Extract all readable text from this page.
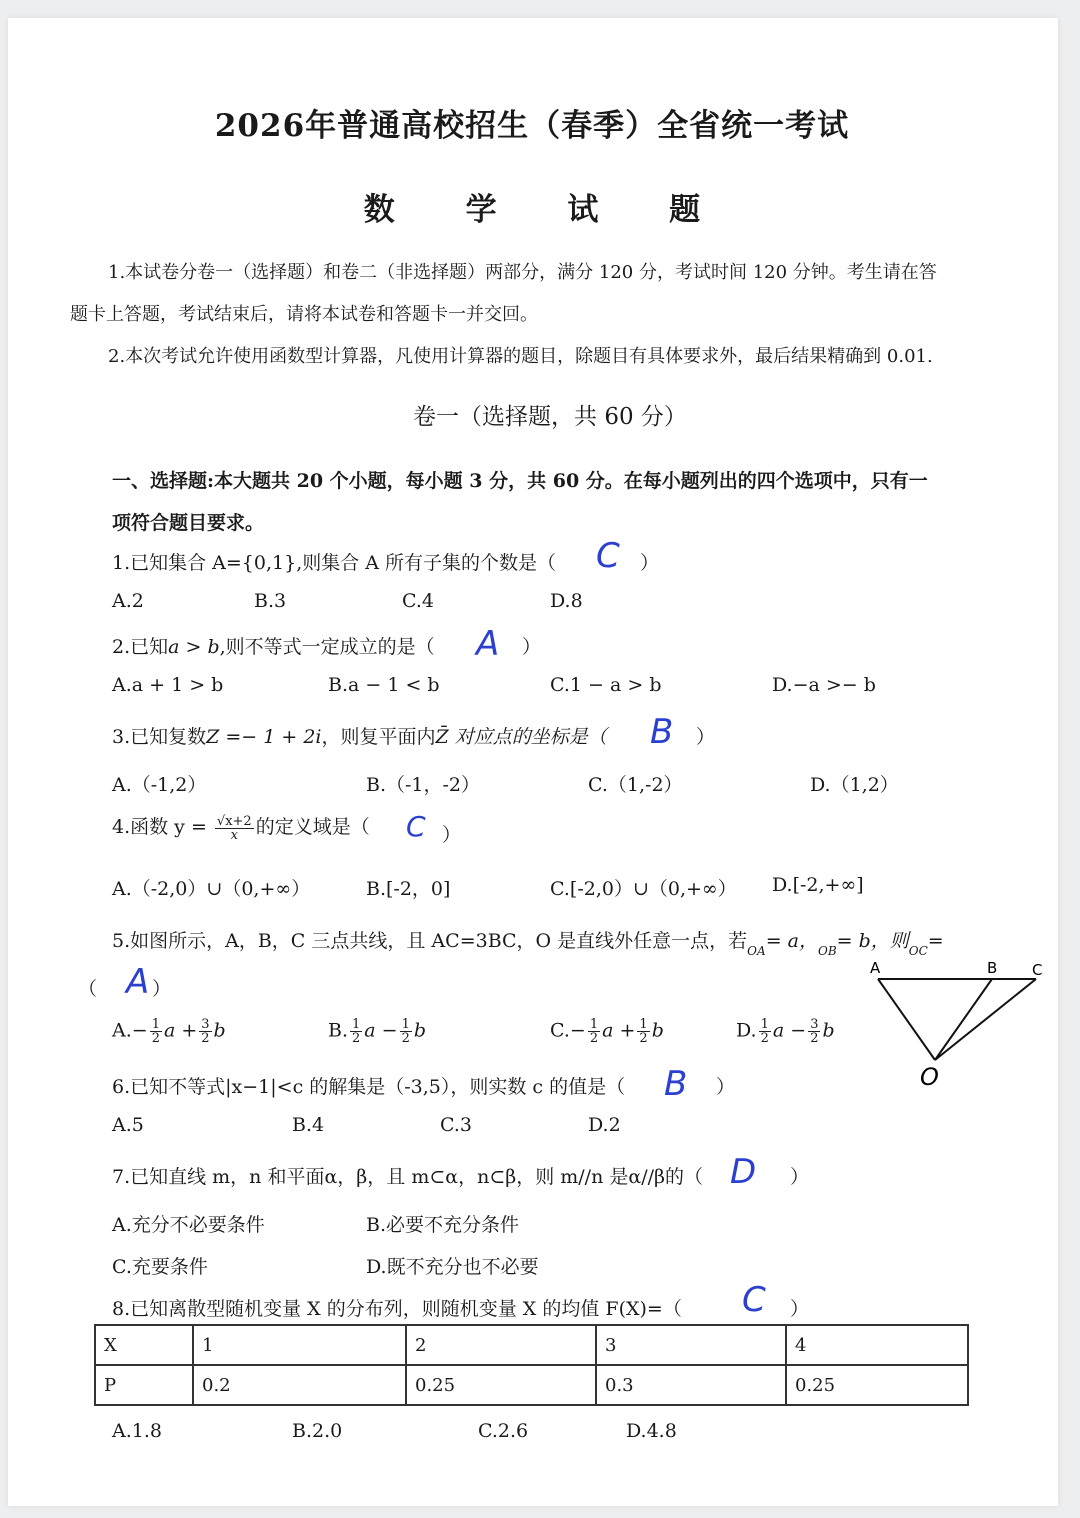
2026年普通高校招生（春季）全省统一考试
数 学 试 题
1.本试卷分卷一（选择题）和卷二（非选择题）两部分，满分 120 分，考试时间 120 分钟。考生请在答
题卡上答题，考试结束后，请将本试卷和答题卡一并交回。
2.本次考试允许使用函数型计算器，凡使用计算器的题目，除题目有具体要求外，最后结果精确到 0.01.
卷一（选择题，共 60 分）
一、选择题:本大题共 20 个小题，每小题 3 分，共 60 分。在每小题列出的四个选项中，只有一
项符合题目要求。
1.已知集合 A={0,1},则集合 A 所有子集的个数是（ C ）
A.2	B.3	C.4	D.8
2.已知a > b,则不等式一定成立的是（ A ）
A.a + 1 > b	B.a − 1 < b	C.1 − a > b	D.−a >− b
3.已知复数Z =− 1 + 2i，则复平面内Z̄ 对应点的坐标是（ B ）
A.（-1,2）	B.（-1，-2）	C.（1,-2）	D.（1,2）
4.函数 $y = \frac{√x+2}{x}$ 的定义域是（ C ）
A.（-2,0）∪（0,+∞）	B.[-2，0]	C.[-2,0）∪（0,+∞） D.[-2,+∞]
5.如图所示，A，B，C 三点共线，且 AC=3BC，O 是直线外任意一点，若$_{OA}$= a，$_{OB}$= b，则$_{OC}$=
（ A ）
$A.- \frac{1}{2}$ $a + \frac{3}{2}$ b	B. $\frac{1}{2}$ $a - \frac{1}{2}$ b	$C.- \frac{1}{2}$ $a + \frac{1}{2}$ b	D. $\frac{1}{2}$ $a - \frac{3}{2}$ b
A	B C
O
6.已知不等式|x−1|<c 的解集是（-3,5），则实数 c 的值是（ B ）
A.5	B.4	C.3	D.2
7.已知直线 m，n 和平面α，β，且 m⊂α，n⊂β，则 m//n 是α//β的（ D ）
A.充分不必要条件	B.必要不充分条件
C.充要条件	D.既不充分也不必要
8.已知离散型随机变量 X 的分布列，则随机变量 X 的均值 F(X)=（ C ）
X	1	2	3	4
P	0.2	0.25	0.3	0.25
A.1.8	B.2.0	C.2.6	D.4.8
